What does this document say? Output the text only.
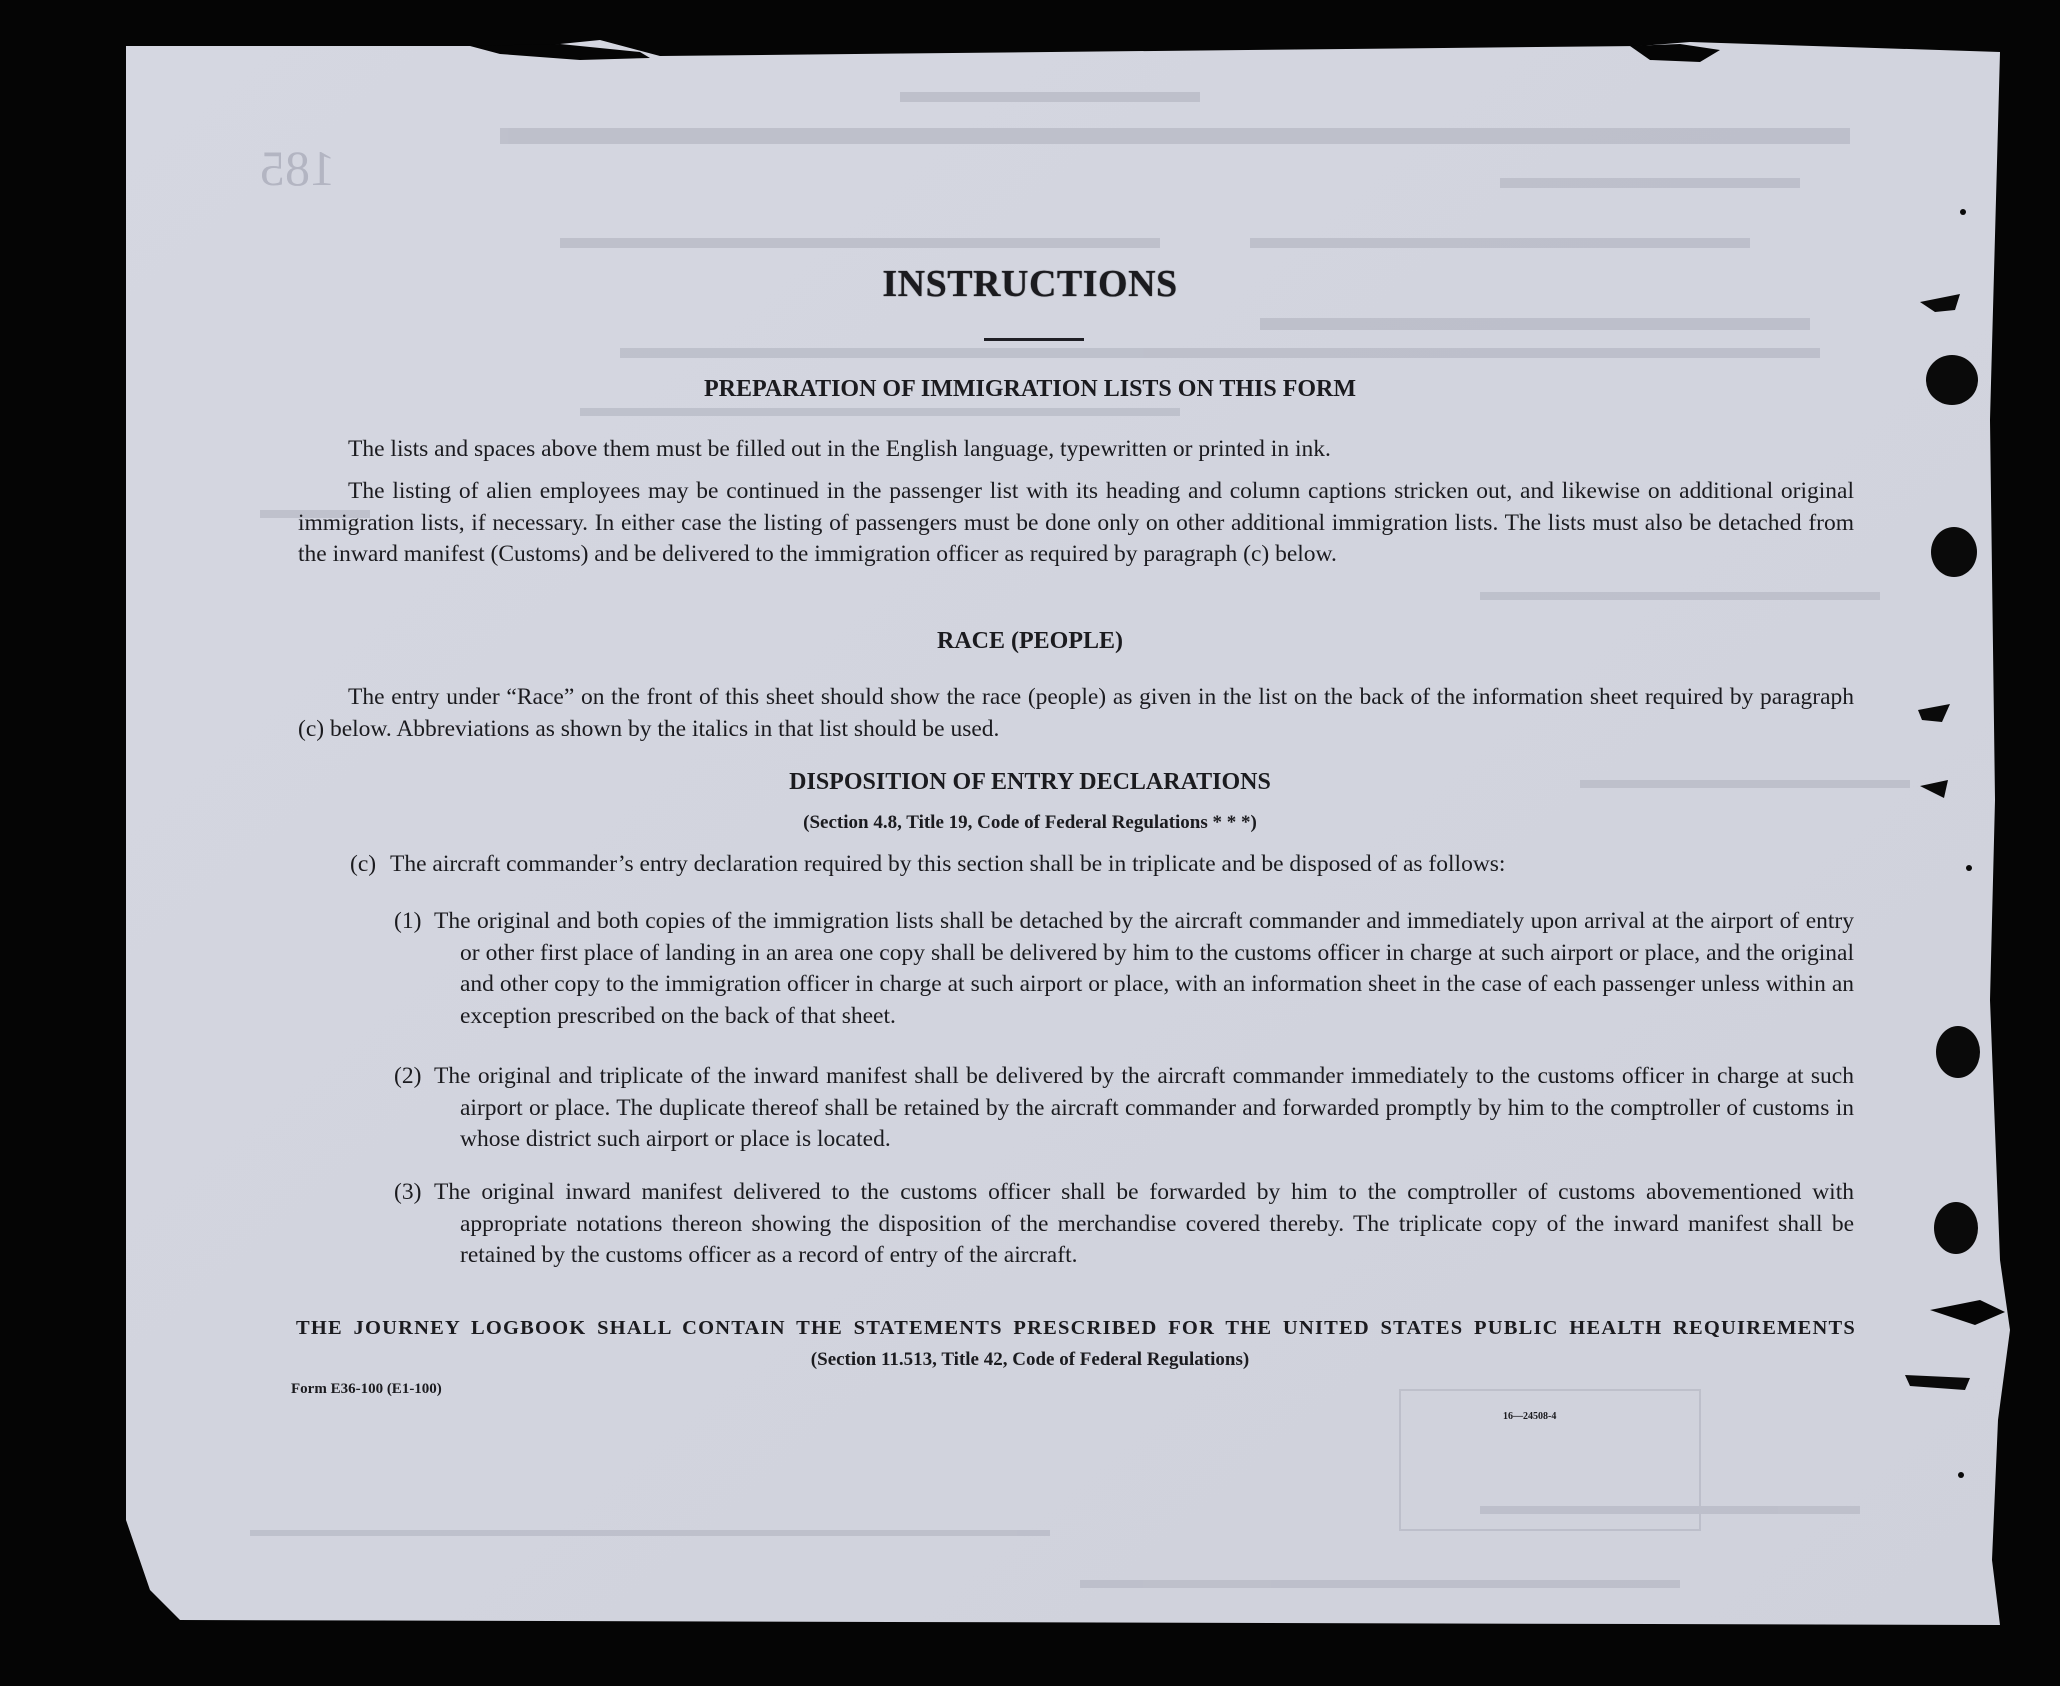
185
INSTRUCTIONS
PREPARATION OF IMMIGRATION LISTS ON THIS FORM
The lists and spaces above them must be filled out in the English language, typewritten or printed in ink.
The listing of alien employees may be continued in the passenger list with its heading and column captions stricken out, and likewise on additional original immigration lists, if necessary. In either case the listing of passengers must be done only on other additional immigration lists. The lists must also be detached from the inward manifest (Customs) and be delivered to the immigration officer as required by paragraph (c) below.
RACE (PEOPLE)
The entry under “Race” on the front of this sheet should show the race (people) as given in the list on the back of the information sheet required by paragraph (c) below. Abbreviations as shown by the italics in that list should be used.
DISPOSITION OF ENTRY DECLARATIONS
(Section 4.8, Title 19, Code of Federal Regulations * * *)
(c) The aircraft commander’s entry declaration required by this section shall be in triplicate and be disposed of as follows:
(1) The original and both copies of the immigration lists shall be detached by the aircraft commander and immediately upon arrival at the airport of entry or other first place of landing in an area one copy shall be delivered by him to the customs officer in charge at such airport or place, and the original and other copy to the immigration officer in charge at such airport or place, with an information sheet in the case of each passenger unless within an exception prescribed on the back of that sheet.
(2) The original and triplicate of the inward manifest shall be delivered by the aircraft commander immediately to the customs officer in charge at such airport or place. The duplicate thereof shall be retained by the aircraft commander and forwarded promptly by him to the comptroller of customs in whose district such airport or place is located.
(3) The original inward manifest delivered to the customs officer shall be forwarded by him to the comptroller of customs abovementioned with appropriate notations thereon showing the disposition of the merchandise covered thereby. The triplicate copy of the inward manifest shall be retained by the customs officer as a record of entry of the aircraft.
THE JOURNEY LOGBOOK SHALL CONTAIN THE STATEMENTS PRESCRIBED FOR THE UNITED STATES PUBLIC HEALTH REQUIREMENTS
(Section 11.513, Title 42, Code of Federal Regulations)
Form E36-100 (E1-100)
16—24508-4
